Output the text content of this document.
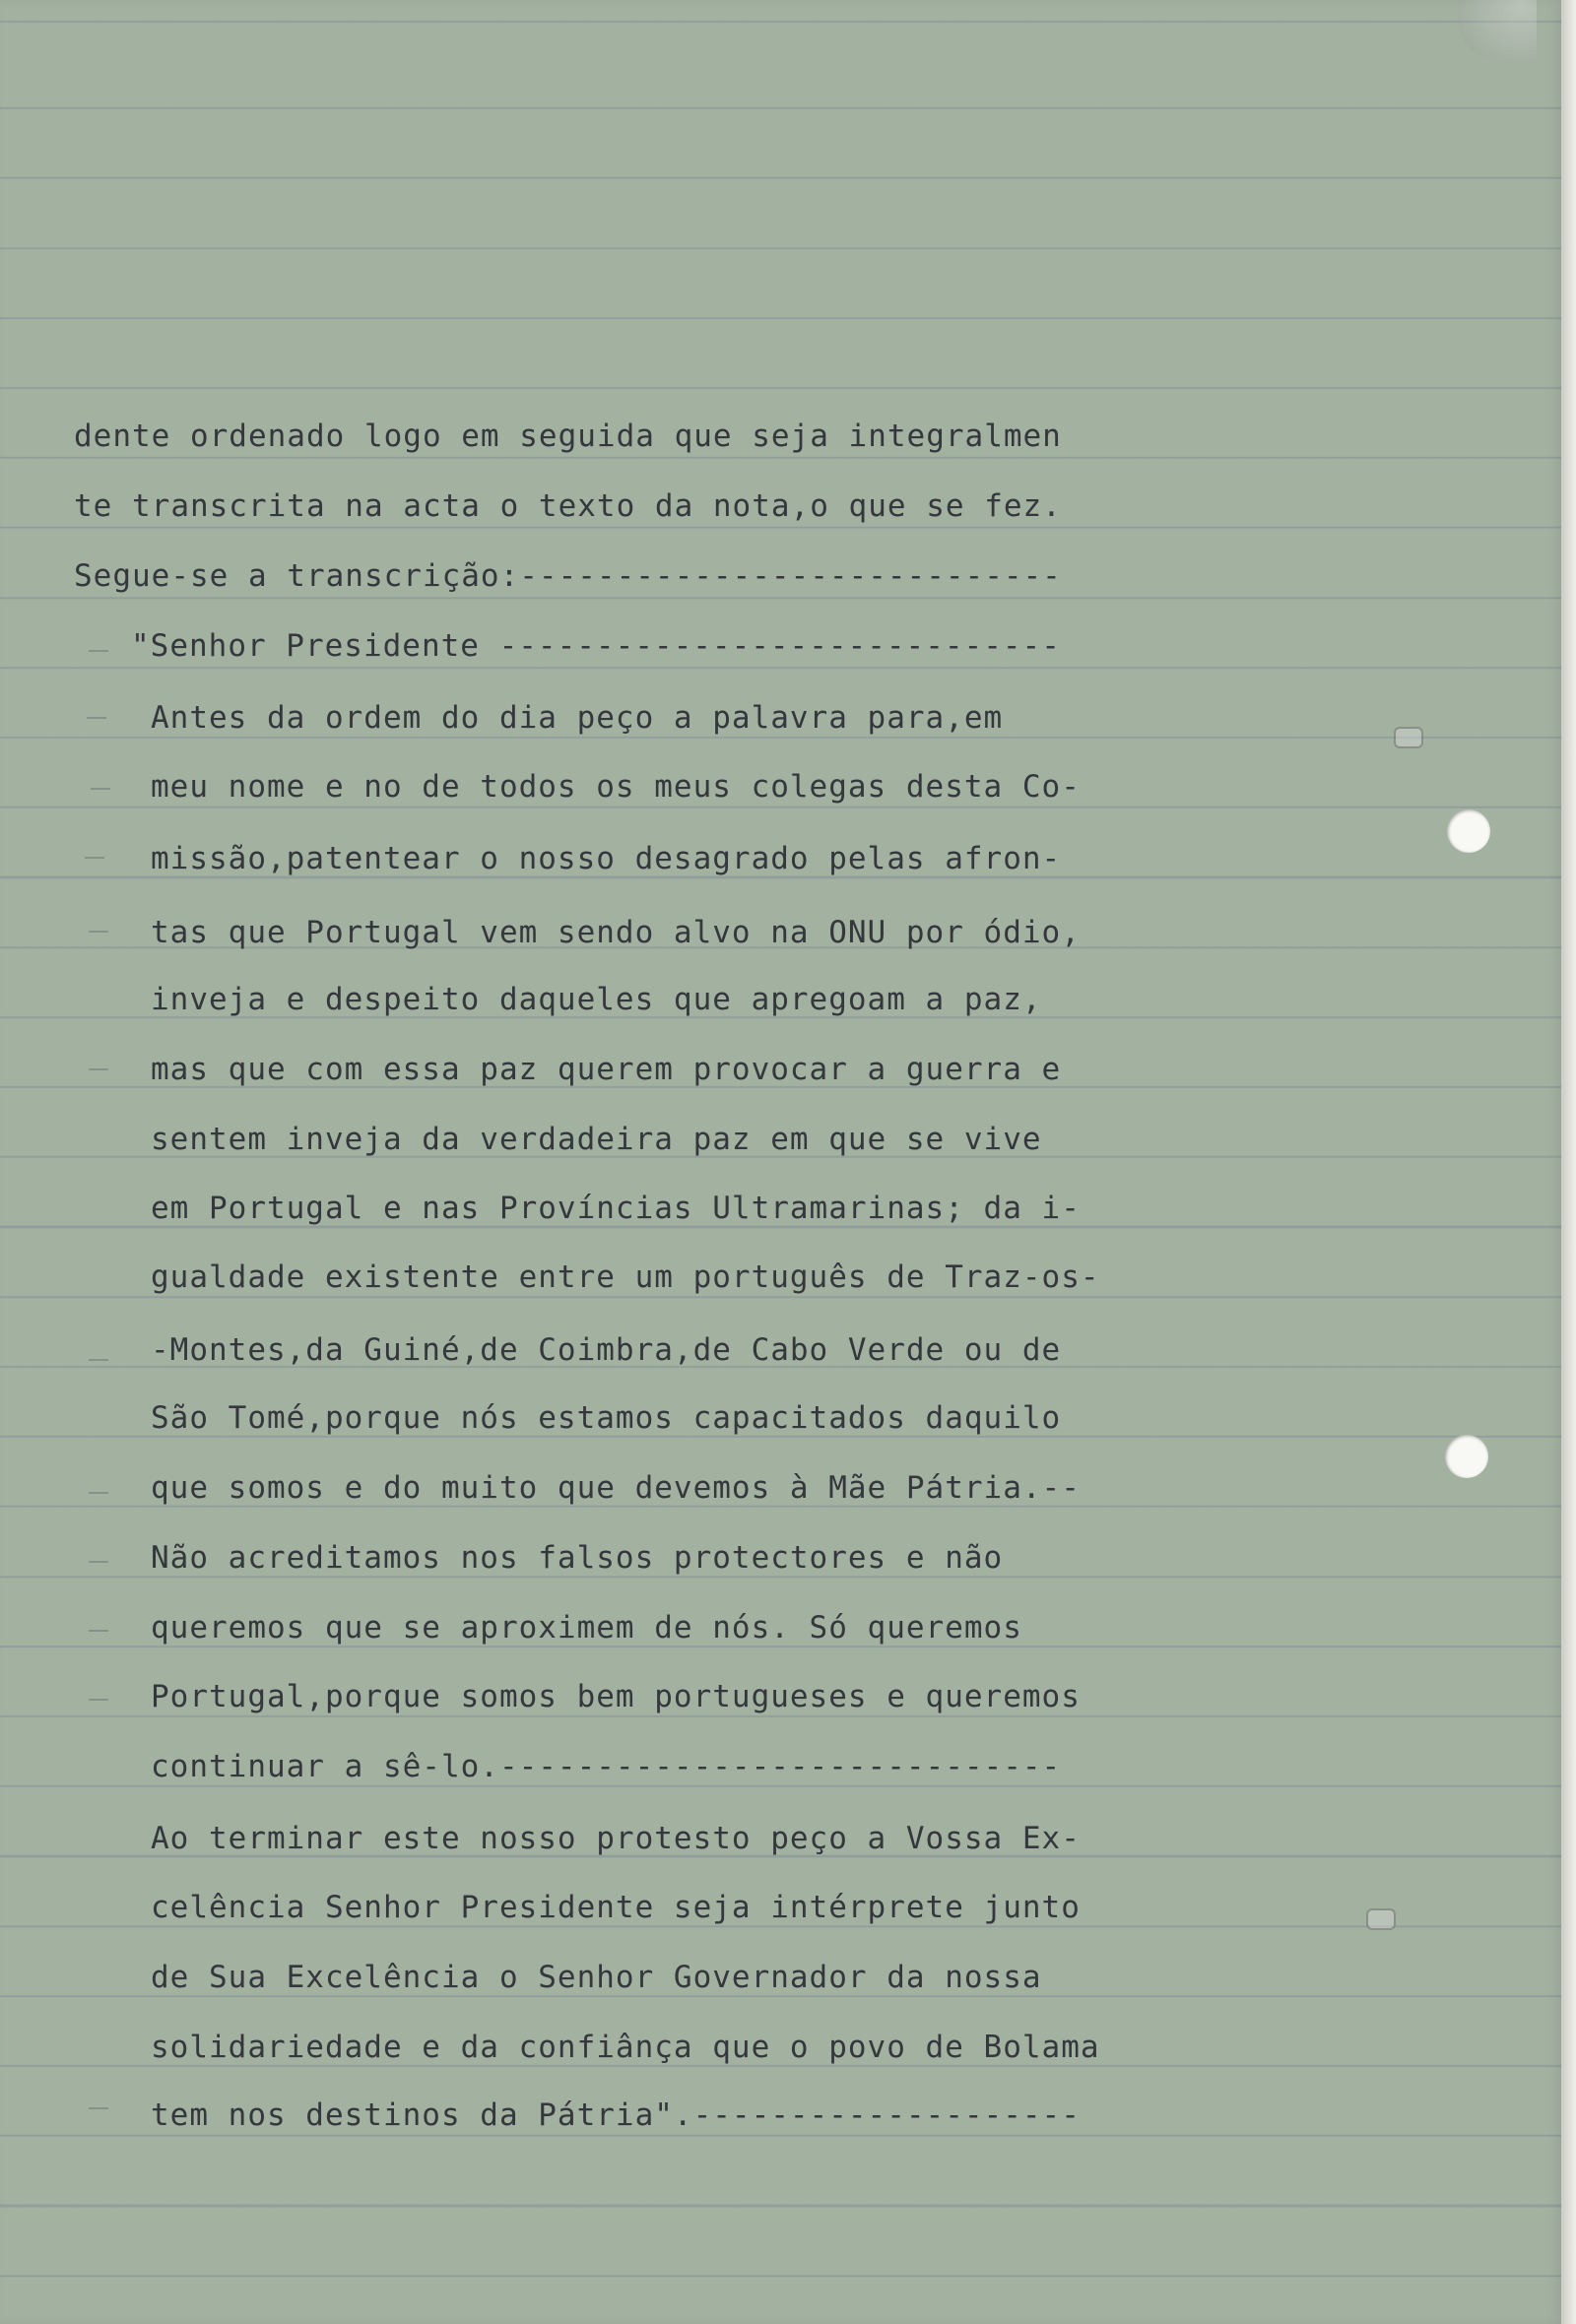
dente ordenado logo em seguida que seja integralmen
te transcrita na acta o texto da nota,o que se fez.
Segue-se a transcrição:----------------------------
"Senhor Presidente -----------------------------
Antes da ordem do dia peço a palavra para,em
meu nome e no de todos os meus colegas desta Co-
missão,patentear o nosso desagrado pelas afron-
tas que Portugal vem sendo alvo na ONU por ódio,
inveja e despeito daqueles que apregoam a paz,
mas que com essa paz querem provocar a guerra e
sentem inveja da verdadeira paz em que se vive
em Portugal e nas Províncias Ultramarinas; da i-
gualdade existente entre um português de Traz-os-
-Montes,da Guiné,de Coimbra,de Cabo Verde ou de
São Tomé,porque nós estamos capacitados daquilo
que somos e do muito que devemos à Mãe Pátria.--
Não acreditamos nos falsos protectores e não
queremos que se aproximem de nós. Só queremos
Portugal,porque somos bem portugueses e queremos
continuar a sê-lo.-----------------------------
Ao terminar este nosso protesto peço a Vossa Ex-
celência Senhor Presidente seja intérprete junto
de Sua Excelência o Senhor Governador da nossa
solidariedade e da confiânça que o povo de Bolama
tem nos destinos da Pátria".--------------------
